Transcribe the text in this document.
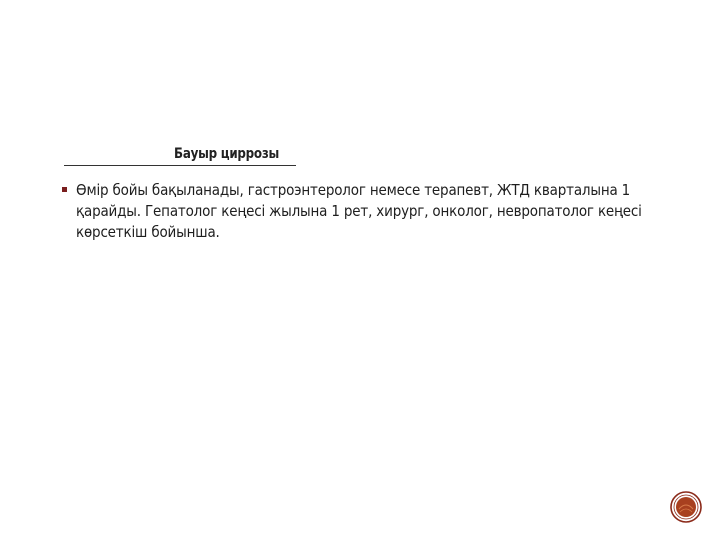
Бауыр циррозы
Өмір бойы бақыланады, гастроэнтеролог немесе терапевт, ЖТД кварталына 1 қарайды. Гепатолог кеңесі жылына 1 рет, хирург, онколог, невропатолог кеңесі көрсеткіш бойынша.
